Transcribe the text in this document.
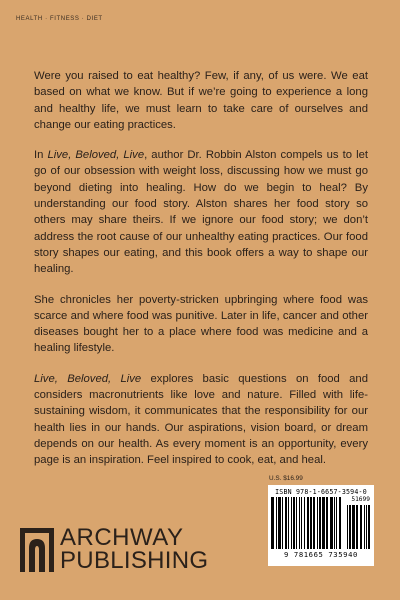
HEALTH · FITNESS · DIET

Were you raised to eat healthy? Few, if any, of us were. We eat based on what we know. But if we’re going to experience a long and healthy life, we must learn to take care of ourselves and change our eating practices.

In Live, Beloved, Live, author Dr. Robbin Alston compels us to let go of our obsession with weight loss, discussing how we must go beyond dieting into healing. How do we begin to heal? By understanding our food story. Alston shares her food story so others may share theirs. If we ignore our food story; we don’t address the root cause of our unhealthy eating practices. Our food story shapes our eating, and this book offers a way to shape our healing.

She chronicles her poverty-stricken upbringing where food was scarce and where food was punitive. Later in life, cancer and other diseases bought her to a place where food was medicine and a healing lifestyle.

Live, Beloved, Live explores basic questions on food and considers macronutrients like love and nature. Filled with life-sustaining wisdom, it communicates that the responsibility for our health lies in our hands. Our aspirations, vision board, or dream depends on our health. As every moment is an opportunity, every page is an inspiration. Feel inspired to cook, eat, and heal.

U.S. $16.99
ISBN 978-1-6657-3594-0
51699
9 781665 735940
ARCHWAY
PUBLISHING
